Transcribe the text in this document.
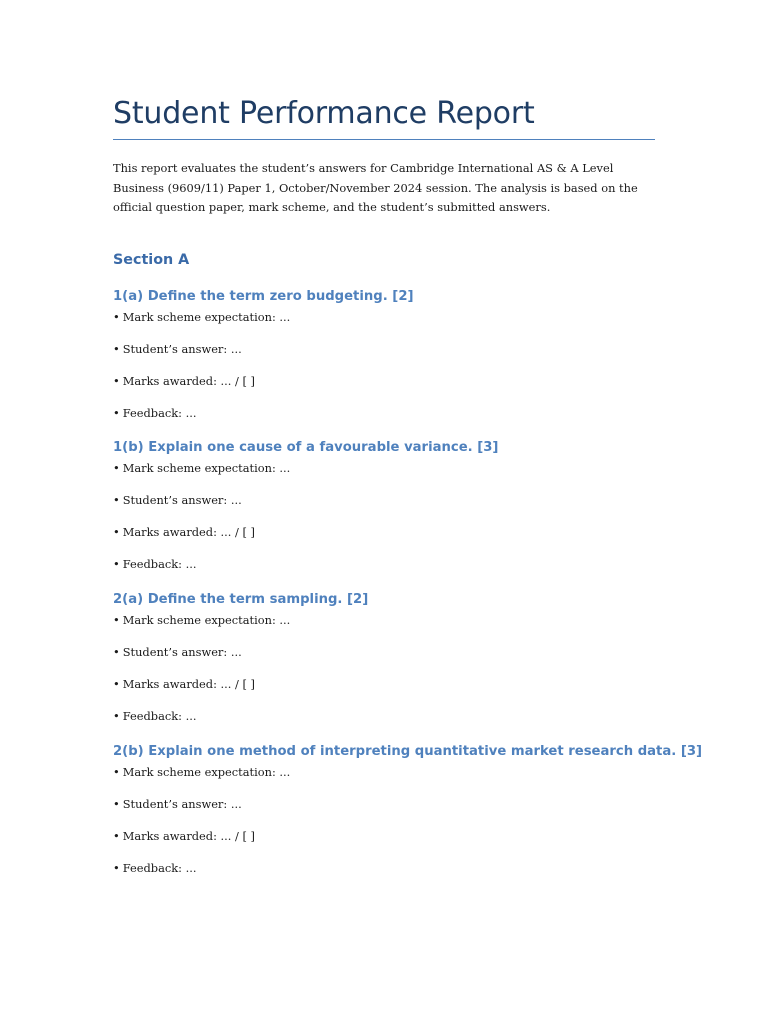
Student Performance Report

This report evaluates the student’s answers for Cambridge International AS & A Level Business (9609/11) Paper 1, October/November 2024 session. The analysis is based on the official question paper, mark scheme, and the student’s submitted answers.

Section A
1(a) Define the term zero budgeting. [2]

• Mark scheme expectation: ...

• Student’s answer: ...

• Marks awarded: ... / [ ]

• Feedback: ...

1(b) Explain one cause of a favourable variance. [3]

• Mark scheme expectation: ...

• Student’s answer: ...

• Marks awarded: ... / [ ]

• Feedback: ...

2(a) Define the term sampling. [2]

• Mark scheme expectation: ...

• Student’s answer: ...

• Marks awarded: ... / [ ]

• Feedback: ...

2(b) Explain one method of interpreting quantitative market research data. [3]

• Mark scheme expectation: ...

• Student’s answer: ...

• Marks awarded: ... / [ ]

• Feedback: ...
